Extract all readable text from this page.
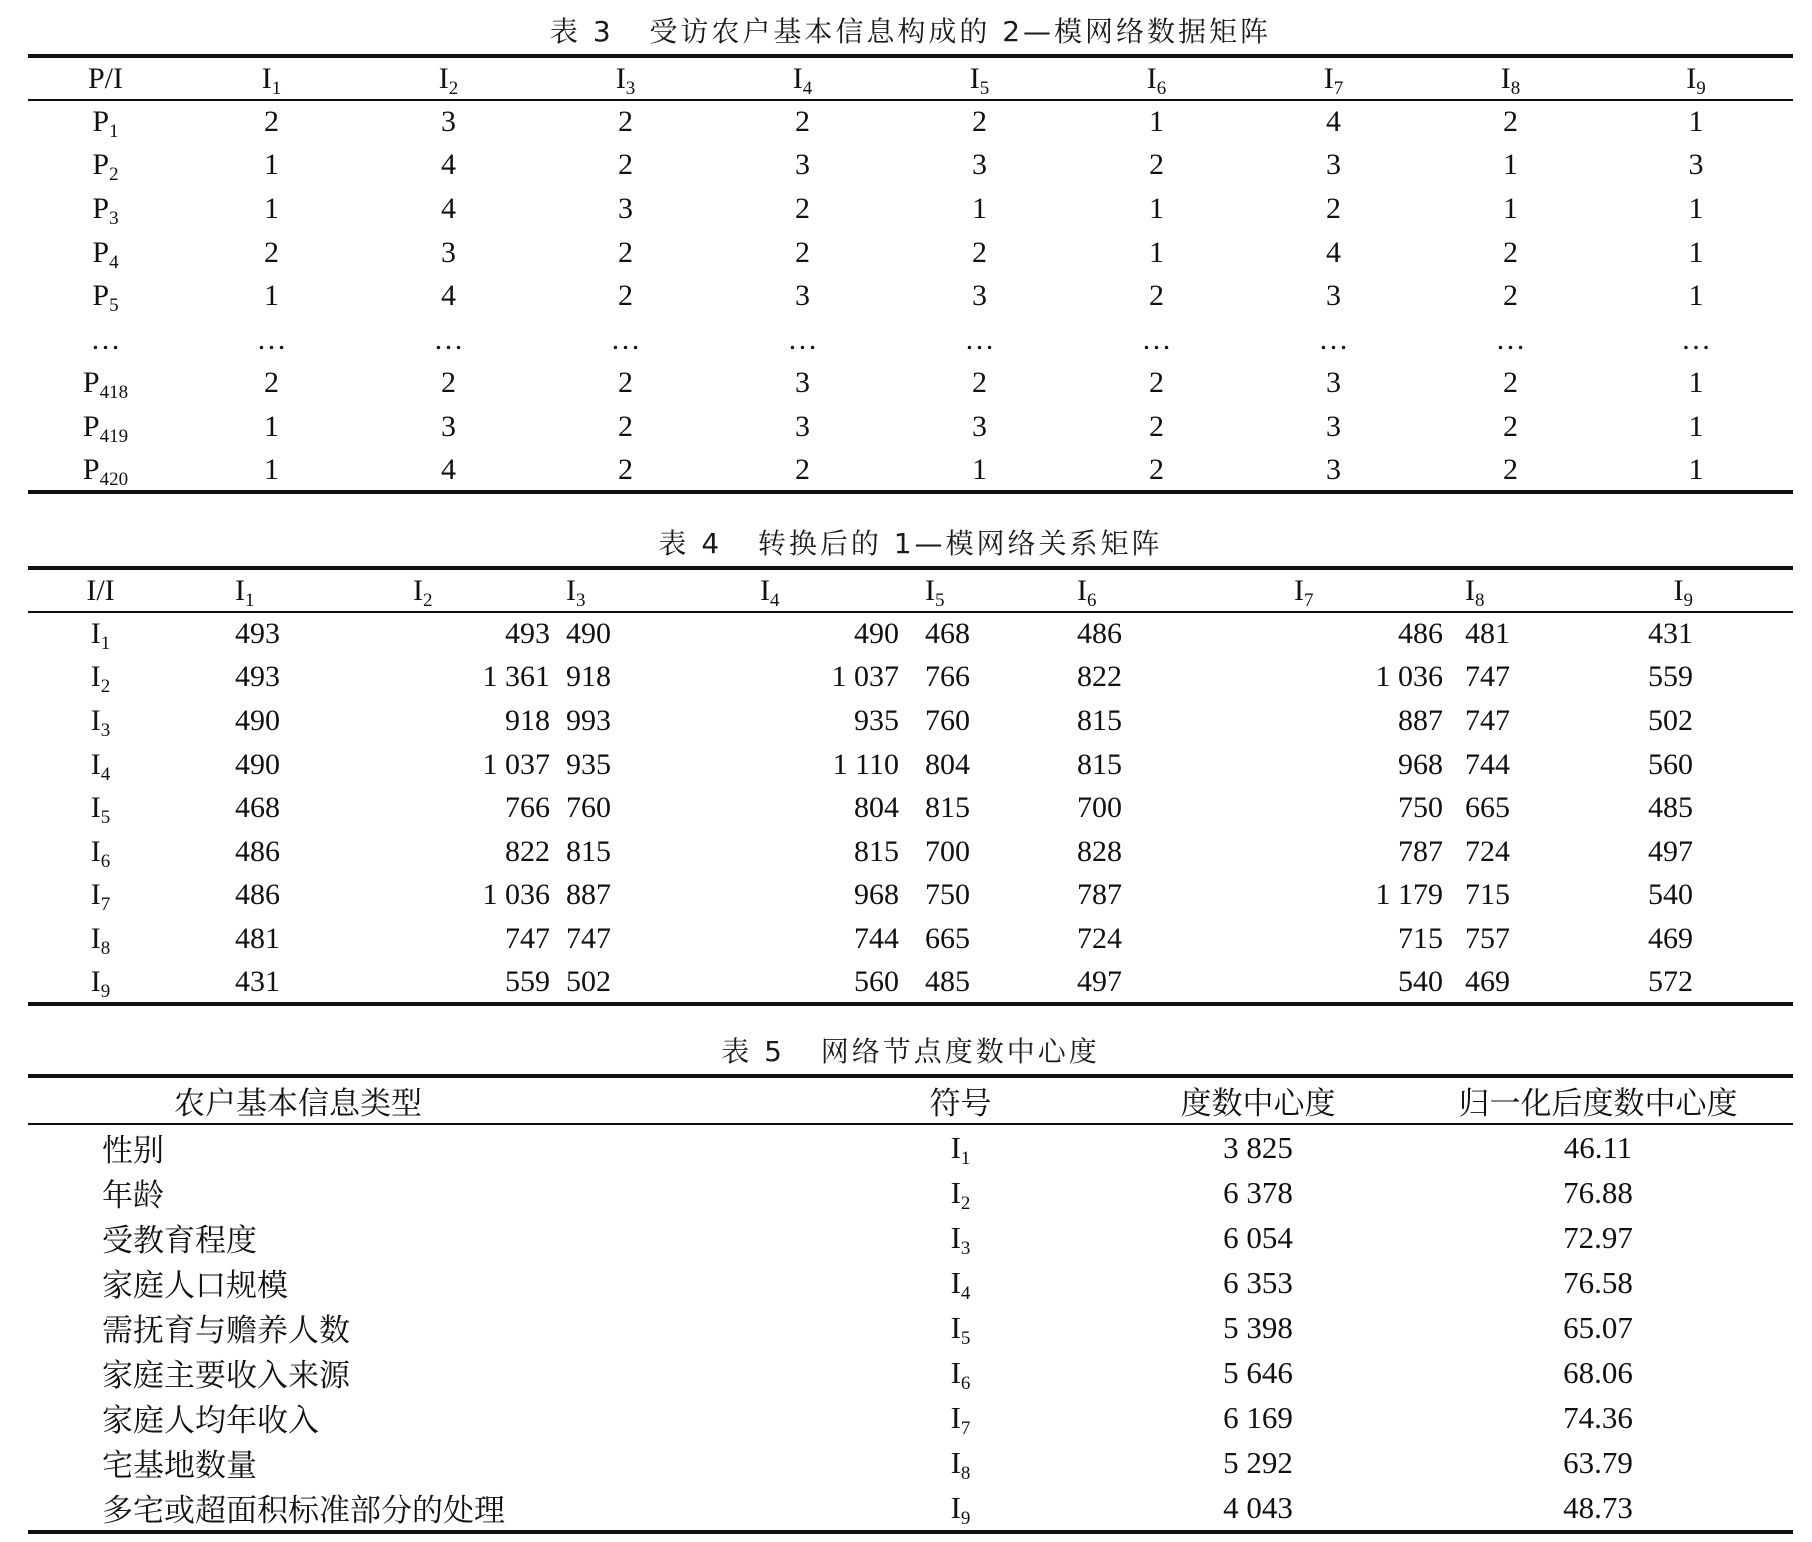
表 3   受访农户基本信息构成的 2—模网络数据矩阵
P/I	$I_1$	$I_2$	$I_3$	$I_4$	$I_5$	$I_6$	$I_7$	$I_8$	$I_9$
$P_1$	2	3	2	2	2	1	4	2	1
$P_2$	1	4	2	3	3	2	3	1	3
$P_3$	1	4	3	2	1	1	2	1	1
$P_4$	2	3	2	2	2	1	4	2	1
$P_5$	1	4	2	3	3	2	3	2	1
…	…	…	…	…	…	…	…	…	…
$P_{418}$	2	2	2	3	2	2	3	2	1
$P_{419}$	1	3	2	3	3	2	3	2	1
$P_{420}$	1	4	2	2	1	2	3	2	1
表 4   转换后的 1—模网络关系矩阵
I/I	$I_1$	$I_2$	$I_3$	$I_4$	$I_5$	$I_6$	$I_7$	$I_8$	$I_9$
$I_1$	493	493	490	490	468	486	486	481	431
$I_2$	493	1 361	918	1 037	766	822	1 036	747	559
$I_3$	490	918	993	935	760	815	887	747	502
$I_4$	490	1 037	935	1 110	804	815	968	744	560
$I_5$	468	766	760	804	815	700	750	665	485
$I_6$	486	822	815	815	700	828	787	724	497
$I_7$	486	1 036	887	968	750	787	1 179	715	540
$I_8$	481	747	747	744	665	724	715	757	469
$I_9$	431	559	502	560	485	497	540	469	572
表 5   网络节点度数中心度
农户基本信息类型	符号	度数中心度	归一化后度数中心度
性别	$I_1$	3 825	46.11
年龄	$I_2$	6 378	76.88
受教育程度	$I_3$	6 054	72.97
家庭人口规模	$I_4$	6 353	76.58
需抚育与赡养人数	$I_5$	5 398	65.07
家庭主要收入来源	$I_6$	5 646	68.06
家庭人均年收入	$I_7$	6 169	74.36
宅基地数量	$I_8$	5 292	63.79
多宅或超面积标准部分的处理	$I_9$	4 043	48.73
